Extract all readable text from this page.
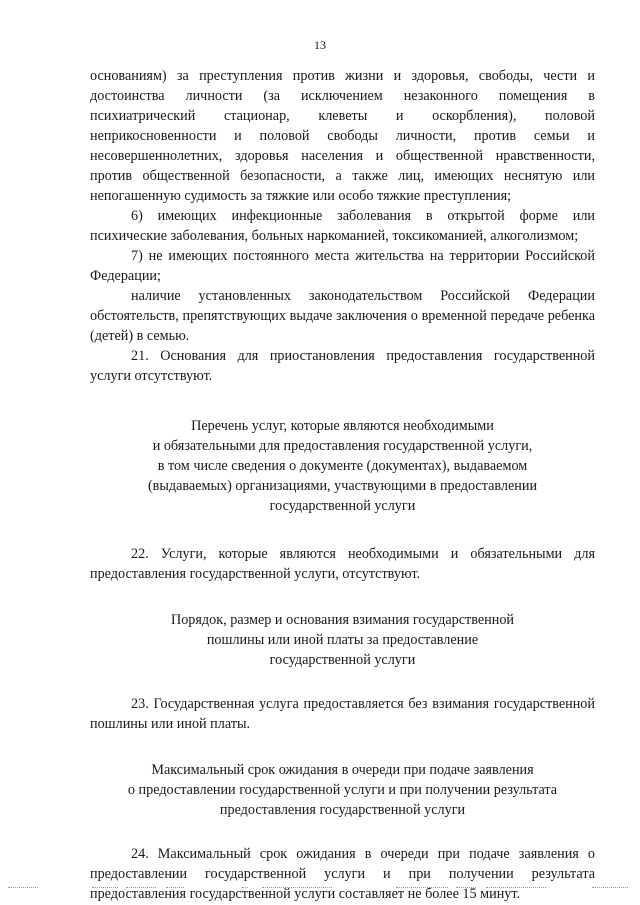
13

основаниям) за преступления против жизни и здоровья, свободы, чести и достоинства личности (за исключением незаконного помещения в психиатрический стационар, клеветы и оскорбления), половой неприкосновенности и половой свободы личности, против семьи и несовершеннолетних, здоровья населения и общественной нравственности, против общественной безопасности, а также лиц, имеющих неснятую или непогашенную судимость за тяжкие или особо тяжкие преступления;

6) имеющих инфекционные заболевания в открытой форме или психические заболевания, больных наркоманией, токсикоманией, алкоголизмом;

7) не имеющих постоянного места жительства на территории Российской Федерации;

наличие установленных законодательством Российской Федерации обстоятельств, препятствующих выдаче заключения о временной передаче ребенка (детей) в семью.

21. Основания для приостановления предоставления государственной услуги отсутствуют.

Перечень услуг, которые являются необходимыми
и обязательными для предоставления государственной услуги,
в том числе сведения о документе (документах), выдаваемом
(выдаваемых) организациями, участвующими в предоставлении
государственной услуги

22. Услуги, которые являются необходимыми и обязательными для предоставления государственной услуги, отсутствуют.

Порядок, размер и основания взимания государственной
пошлины или иной платы за предоставление
государственной услуги

23. Государственная услуга предоставляется без взимания государственной пошлины или иной платы.

Максимальный срок ожидания в очереди при подаче заявления
о предоставлении государственной услуги и при получении результата
предоставления государственной услуги

24. Максимальный срок ожидания в очереди при подаче заявления о предоставлении государственной услуги и при получении результата предоставления государственной услуги составляет не более 15 минут.
